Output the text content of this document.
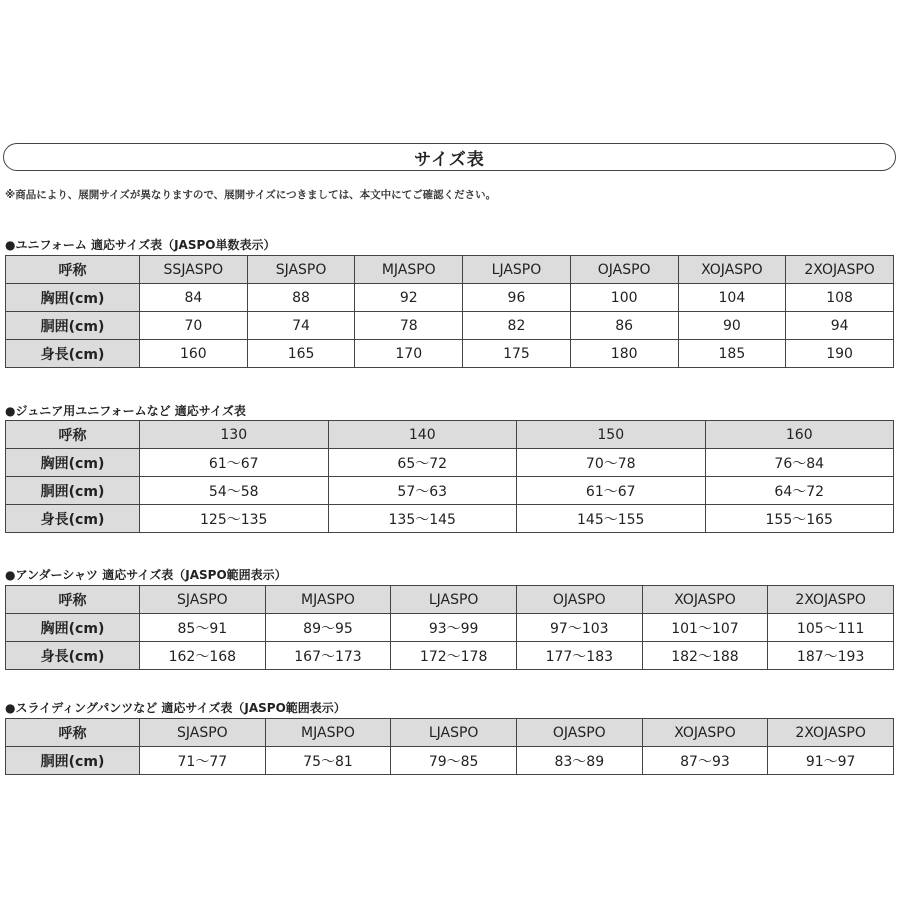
サイズ表
※商品により、展開サイズが異なりますので、展開サイズにつきましては、本文中にてご確認ください。
●ユニフォーム 適応サイズ表（JASPO単数表示）
呼称	SSJASPO	SJASPO	MJASPO	LJASPO	OJASPO	XOJASPO	2XOJASPO
胸囲(cm)	84	88	92	96	100	104	108
胴囲(cm)	70	74	78	82	86	90	94
身長(cm)	160	165	170	175	180	185	190
●ジュニア用ユニフォームなど 適応サイズ表
呼称	130	140	150	160
胸囲(cm)	61～67	65～72	70～78	76～84
胴囲(cm)	54～58	57～63	61～67	64～72
身長(cm)	125～135	135～145	145～155	155～165
●アンダーシャツ 適応サイズ表（JASPO範囲表示）
呼称	SJASPO	MJASPO	LJASPO	OJASPO	XOJASPO	2XOJASPO
胸囲(cm)	85～91	89～95	93～99	97～103	101～107	105～111
身長(cm)	162～168	167～173	172～178	177～183	182～188	187～193
●スライディングパンツなど 適応サイズ表（JASPO範囲表示）
呼称	SJASPO	MJASPO	LJASPO	OJASPO	XOJASPO	2XOJASPO
胴囲(cm)	71～77	75～81	79～85	83～89	87～93	91～97
